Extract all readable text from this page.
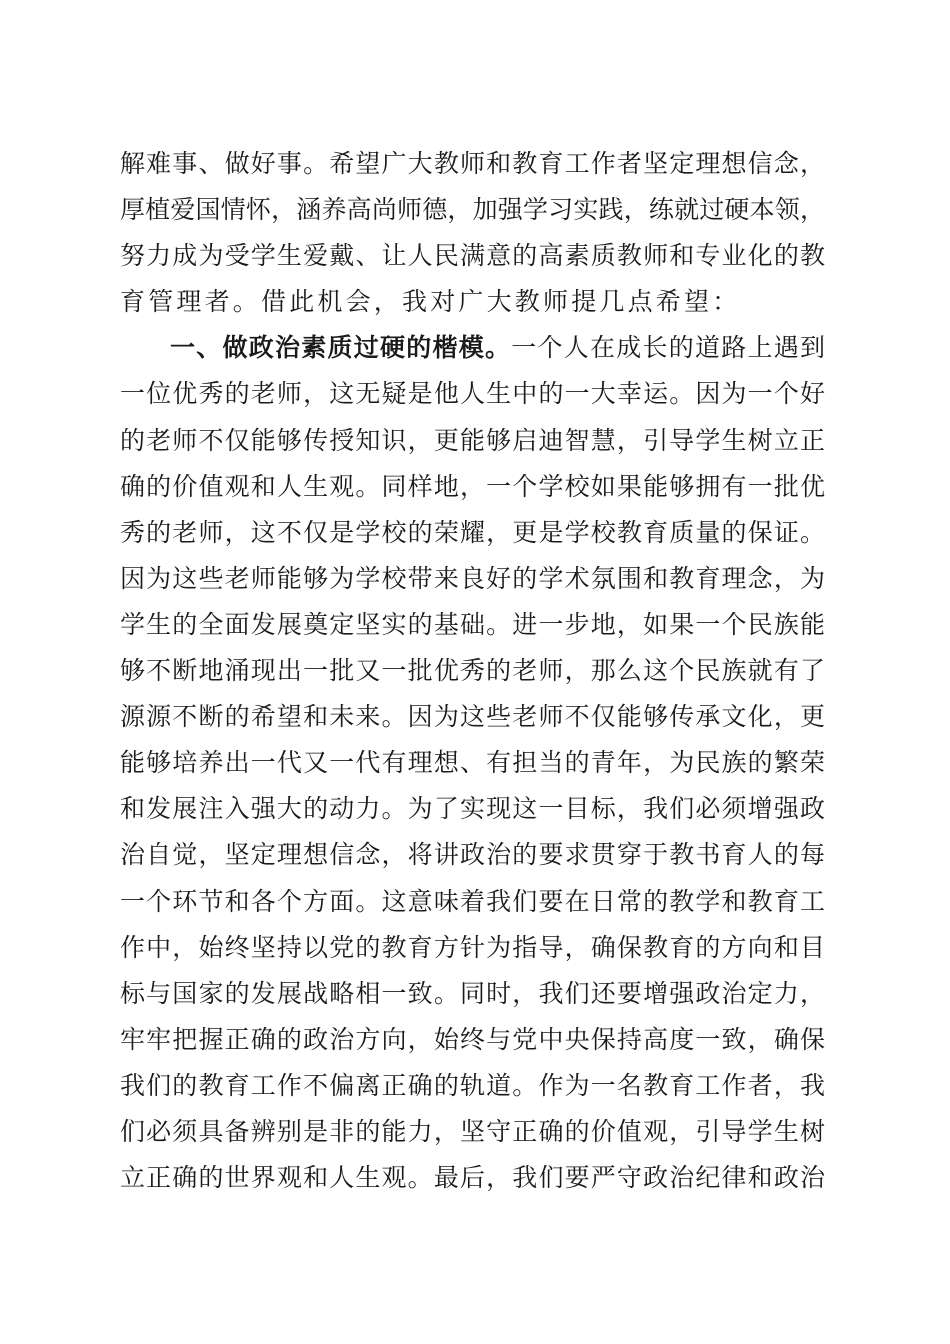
解难事、做好事。希望广大教师和教育工作者坚定理想信念，
厚植爱国情怀，涵养高尚师德，加强学习实践，练就过硬本领，
努力成为受学生爱戴、让人民满意的高素质教师和专业化的教
育管理者。借此机会，我对广大教师提几点希望：
一、做政治素质过硬的楷模。一个人在成长的道路上遇到
一位优秀的老师，这无疑是他人生中的一大幸运。因为一个好
的老师不仅能够传授知识，更能够启迪智慧，引导学生树立正
确的价值观和人生观。同样地，一个学校如果能够拥有一批优
秀的老师，这不仅是学校的荣耀，更是学校教育质量的保证。
因为这些老师能够为学校带来良好的学术氛围和教育理念，为
学生的全面发展奠定坚实的基础。进一步地，如果一个民族能
够不断地涌现出一批又一批优秀的老师，那么这个民族就有了
源源不断的希望和未来。因为这些老师不仅能够传承文化，更
能够培养出一代又一代有理想、有担当的青年，为民族的繁荣
和发展注入强大的动力。为了实现这一目标，我们必须增强政
治自觉，坚定理想信念，将讲政治的要求贯穿于教书育人的每
一个环节和各个方面。这意味着我们要在日常的教学和教育工
作中，始终坚持以党的教育方针为指导，确保教育的方向和目
标与国家的发展战略相一致。同时，我们还要增强政治定力，
牢牢把握正确的政治方向，始终与党中央保持高度一致，确保
我们的教育工作不偏离正确的轨道。作为一名教育工作者，我
们必须具备辨别是非的能力，坚守正确的价值观，引导学生树
立正确的世界观和人生观。最后，我们要严守政治纪律和政治
